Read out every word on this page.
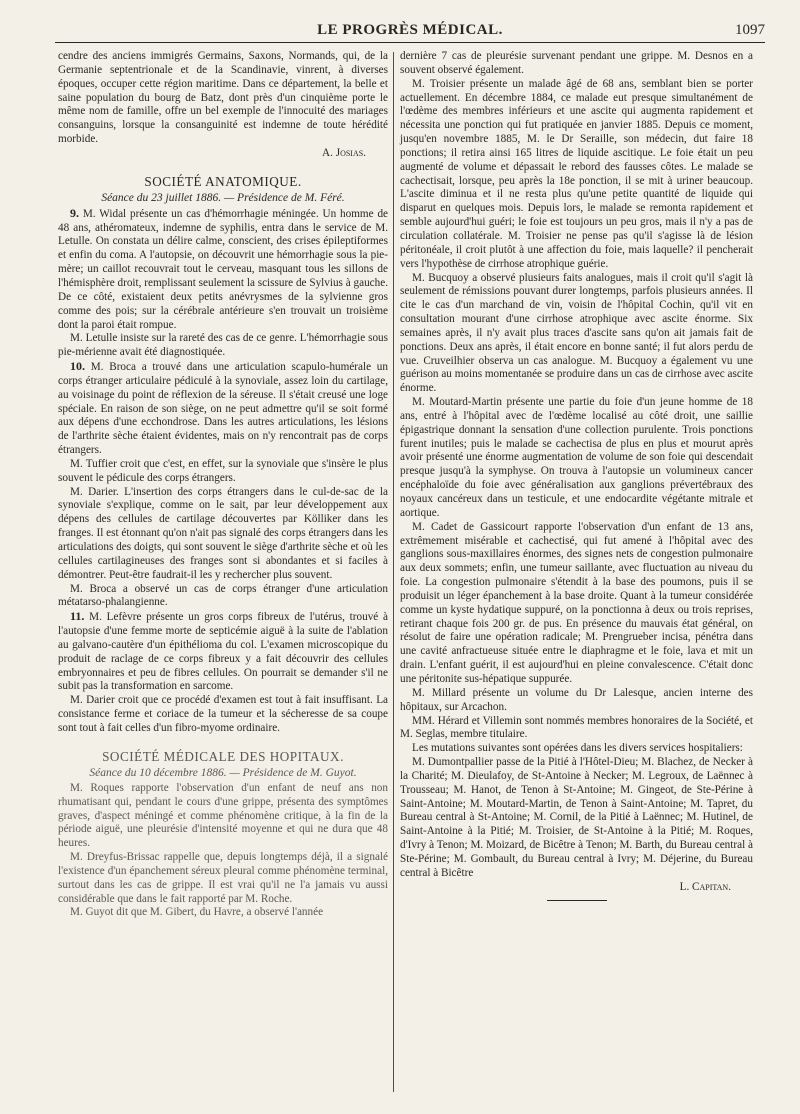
LE PROGRÈS MÉDICAL.	1097

cendre des anciens immigrés Germains, Saxons, Normands, qui, de la Germanie septentrionale et de la Scandinavie, vinrent, à diverses époques, occuper cette région maritime. Dans ce département, la belle et saine population du bourg de Batz, dont près d'un cinquième porte le même nom de famille, offre un bel exemple de l'innocuité des mariages consanguins, lorsque la consanguinité est indemne de toute hérédité morbide.

A. Josias.
SOCIÉTÉ ANATOMIQUE.
Séance du 23 juillet 1886. — Présidence de M. Féré.

9. M. Widal présente un cas d'hémorrhagie méningée. Un homme de 48 ans, athéromateux, indemne de syphilis, entra dans le service de M. Letulle. On constata un délire calme, conscient, des crises épileptiformes et enfin du coma. A l'autopsie, on découvrit une hémorrhagie sous la pie-mère; un caillot recouvrait tout le cerveau, masquant tous les sillons de l'hémisphère droit, remplissant seulement la scissure de Sylvius à gauche. De ce côté, existaient deux petits anévrysmes de la sylvienne gros comme des pois; sur la cérébrale antérieure s'en trouvait un troisième dont la paroi était rompue.

M. Letulle insiste sur la rareté des cas de ce genre. L'hémorrhagie sous pie-mérienne avait été diagnostiquée.

10. M. Broca a trouvé dans une articulation scapulo-humérale un corps étranger articulaire pédiculé à la synoviale, assez loin du cartilage, au voisinage du point de réflexion de la séreuse. Il s'était creusé une loge spéciale. En raison de son siège, on ne peut admettre qu'il se soit formé aux dépens d'une ecchondrose. Dans les autres articulations, les lésions de l'arthrite sèche étaient évidentes, mais on n'y rencontrait pas de corps étrangers.

M. Tuffier croit que c'est, en effet, sur la synoviale que s'insère le plus souvent le pédicule des corps étrangers.

M. Darier. L'insertion des corps étrangers dans le cul-de-sac de la synoviale s'explique, comme on le sait, par leur développement aux dépens des cellules de cartilage découvertes par Kölliker dans les franges. Il est étonnant qu'on n'ait pas signalé des corps étrangers dans les articulations des doigts, qui sont souvent le siège d'arthrite sèche et où les cellules cartilagineuses des franges sont si abondantes et si faciles à démontrer. Peut-être faudrait-il les y rechercher plus souvent.

M. Broca a observé un cas de corps étranger d'une articulation métatarso-phalangienne.

11. M. Lefèvre présente un gros corps fibreux de l'utérus, trouvé à l'autopsie d'une femme morte de septicémie aiguë à la suite de l'ablation au galvano-cautère d'un épithélioma du col. L'examen microscopique du produit de raclage de ce corps fibreux y a fait découvrir des cellules embryonnaires et peu de fibres cellules. On pourrait se demander s'il ne subit pas la transformation en sarcome.

M. Darier croit que ce procédé d'examen est tout à fait insuffisant. La consistance ferme et coriace de la tumeur et la sécheresse de sa coupe sont tout à fait celles d'un fibro-myome ordinaire.

SOCIÉTÉ MÉDICALE DES HOPITAUX.
Séance du 10 décembre 1886. — Présidence de M. Guyot.

M. Roques rapporte l'observation d'un enfant de neuf ans non rhumatisant qui, pendant le cours d'une grippe, présenta des symptômes graves, d'aspect méningé et comme phénomène critique, à la fin de la période aiguë, une pleurésie d'intensité moyenne et qui ne dura que 48 heures.

M. Dreyfus-Brissac rappelle que, depuis longtemps déjà, il a signalé l'existence d'un épanchement séreux pleural comme phénomène terminal, surtout dans les cas de grippe. Il est vrai qu'il ne l'a jamais vu aussi considérable que dans le fait rapporté par M. Roche.

M. Guyot dit que M. Gibert, du Havre, a observé l'année

dernière 7 cas de pleurésie survenant pendant une grippe. M. Desnos en a souvent observé également.

M. Troisier présente un malade âgé de 68 ans, semblant bien se porter actuellement. En décembre 1884, ce malade eut presque simultanément de l'œdème des membres inférieurs et une ascite qui augmenta rapidement et nécessita une ponction qui fut pratiquée en janvier 1885. Depuis ce moment, jusqu'en novembre 1885, M. le Dr Seraille, son médecin, dut faire 18 ponctions; il retira ainsi 165 litres de liquide ascitique. Le foie était un peu augmenté de volume et dépassait le rebord des fausses côtes. Le malade se cachectisait, lorsque, peu après la 18e ponction, il se mit à uriner beaucoup. L'ascite diminua et il ne resta plus qu'une petite quantité de liquide qui disparut en quelques mois. Depuis lors, le malade se remonta rapidement et semble aujourd'hui guéri; le foie est toujours un peu gros, mais il n'y a pas de circulation collatérale. M. Troisier ne pense pas qu'il s'agisse là de lésion péritonéale, il croit plutôt à une affection du foie, mais laquelle? il pencherait vers l'hypothèse de cirrhose atrophique guérie.

M. Bucquoy a observé plusieurs faits analogues, mais il croit qu'il s'agit là seulement de rémissions pouvant durer longtemps, parfois plusieurs années. Il cite le cas d'un marchand de vin, voisin de l'hôpital Cochin, qu'il vit en consultation mourant d'une cirrhose atrophique avec ascite énorme. Six semaines après, il n'y avait plus traces d'ascite sans qu'on ait jamais fait de ponctions. Deux ans après, il était encore en bonne santé; il fut alors perdu de vue. Cruveilhier observa un cas analogue. M. Bucquoy a également vu une guérison au moins momentanée se produire dans un cas de cirrhose avec ascite énorme.

M. Moutard-Martin présente une partie du foie d'un jeune homme de 18 ans, entré à l'hôpital avec de l'œdème localisé au côté droit, une saillie épigastrique donnant la sensation d'une collection purulente. Trois ponctions furent inutiles; puis le malade se cachectisa de plus en plus et mourut après avoir présenté une énorme augmentation de volume de son foie qui descendait presque jusqu'à la symphyse. On trouva à l'autopsie un volumineux cancer encéphaloïde du foie avec généralisation aux ganglions prévertébraux des noyaux cancéreux dans un testicule, et une endocardite végétante mitrale et aortique.

M. Cadet de Gassicourt rapporte l'observation d'un enfant de 13 ans, extrêmement misérable et cachectisé, qui fut amené à l'hôpital avec des ganglions sous-maxillaires énormes, des signes nets de congestion pulmonaire aux deux sommets; enfin, une tumeur saillante, avec fluctuation au niveau du foie. La congestion pulmonaire s'étendit à la base des poumons, puis il se produisit un léger épanchement à la base droite. Quant à la tumeur considérée comme un kyste hydatique suppuré, on la ponctionna à deux ou trois reprises, retirant chaque fois 200 gr. de pus. En présence du mauvais état général, on résolut de faire une opération radicale; M. Prengrueber incisa, pénétra dans une cavité anfractueuse située entre le diaphragme et le foie, lava et mit un drain. L'enfant guérit, il est aujourd'hui en pleine convalescence. C'était donc une péritonite sus-hépatique suppurée.

M. Millard présente un volume du Dr Lalesque, ancien interne des hôpitaux, sur Arcachon.

MM. Hérard et Villemin sont nommés membres honoraires de la Société, et M. Seglas, membre titulaire.

Les mutations suivantes sont opérées dans les divers services hospitaliers:

M. Dumontpallier passe de la Pitié à l'Hôtel-Dieu; M. Blachez, de Necker à la Charité; M. Dieulafoy, de St-Antoine à Necker; M. Legroux, de Laënnec à Trousseau; M. Hanot, de Tenon à St-Antoine; M. Gingeot, de Ste-Périne à Saint-Antoine; M. Moutard-Martin, de Tenon à Saint-Antoine; M. Tapret, du Bureau central à St-Antoine; M. Cornil, de la Pitié à Laënnec; M. Hutinel, de Saint-Antoine à la Pitié; M. Troisier, de St-Antoine à la Pitié; M. Roques, d'Ivry à Tenon; M. Moizard, de Bicêtre à Tenon; M. Barth, du Bureau central à Ste-Périne; M. Gombault, du Bureau central à Ivry; M. Déjerine, du Bureau central à Bicêtre

L. Capitan.
